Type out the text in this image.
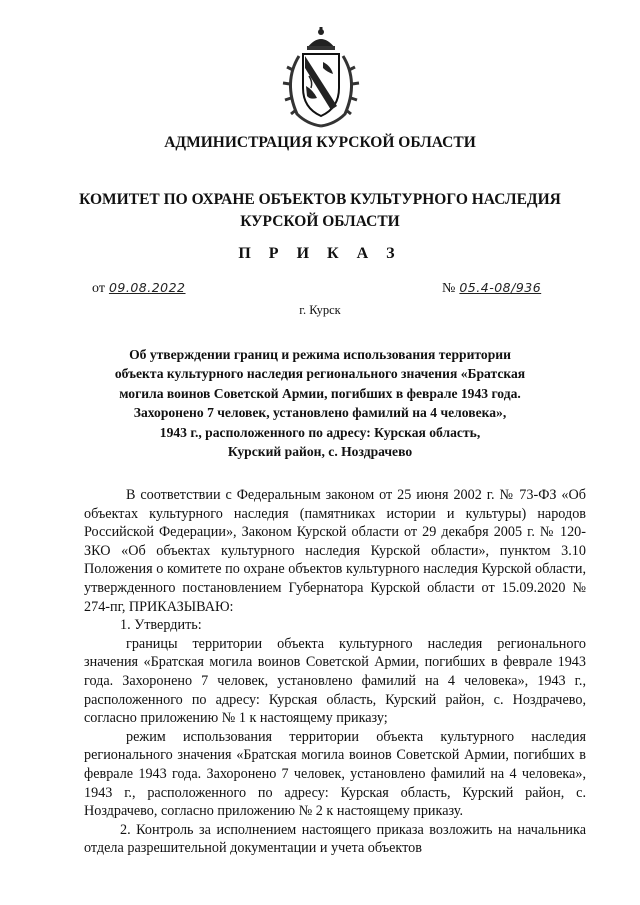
АДМИНИСТРАЦИЯ КУРСКОЙ ОБЛАСТИ
КОМИТЕТ ПО ОХРАНЕ ОБЪЕКТОВ КУЛЬТУРНОГО НАСЛЕДИЯ
КУРСКОЙ ОБЛАСТИ
П Р И К А З
от 09.08.2022	№ 05.4-08/936
г. Курск
Об утверждении границ и режима использования территории
объекта культурного наследия регионального значения «Братская
могила воинов Советской Армии, погибших в феврале 1943 года.
Захоронено 7 человек, установлено фамилий на 4 человека»,
1943 г., расположенного по адресу: Курская область,
Курский район, с. Ноздрачево

В соответствии с Федеральным законом от 25 июня 2002 г. № 73-ФЗ «Об объектах культурного наследия (памятниках истории и культуры) народов Российской Федерации», Законом Курской области от 29 декабря 2005 г. № 120-ЗКО «Об объектах культурного наследия Курской области», пунктом 3.10 Положения о комитете по охране объектов культурного наследия Курской области, утвержденного постановлением Губернатора Курской области от 15.09.2020 № 274-пг, ПРИКАЗЫВАЮ:

1. Утвердить:

границы территории объекта культурного наследия регионального значения «Братская могила воинов Советской Армии, погибших в феврале 1943 года. Захоронено 7 человек, установлено фамилий на 4 человека», 1943 г., расположенного по адресу: Курская область, Курский район, с. Ноздрачево, согласно приложению № 1 к настоящему приказу;

режим использования территории объекта культурного наследия регионального значения «Братская могила воинов Советской Армии, погибших в феврале 1943 года. Захоронено 7 человек, установлено фамилий на 4 человека», 1943 г., расположенного по адресу: Курская область, Курский район, с. Ноздрачево, согласно приложению № 2 к настоящему приказу.

2. Контроль за исполнением настоящего приказа возложить на начальника отдела разрешительной документации и учета объектов
